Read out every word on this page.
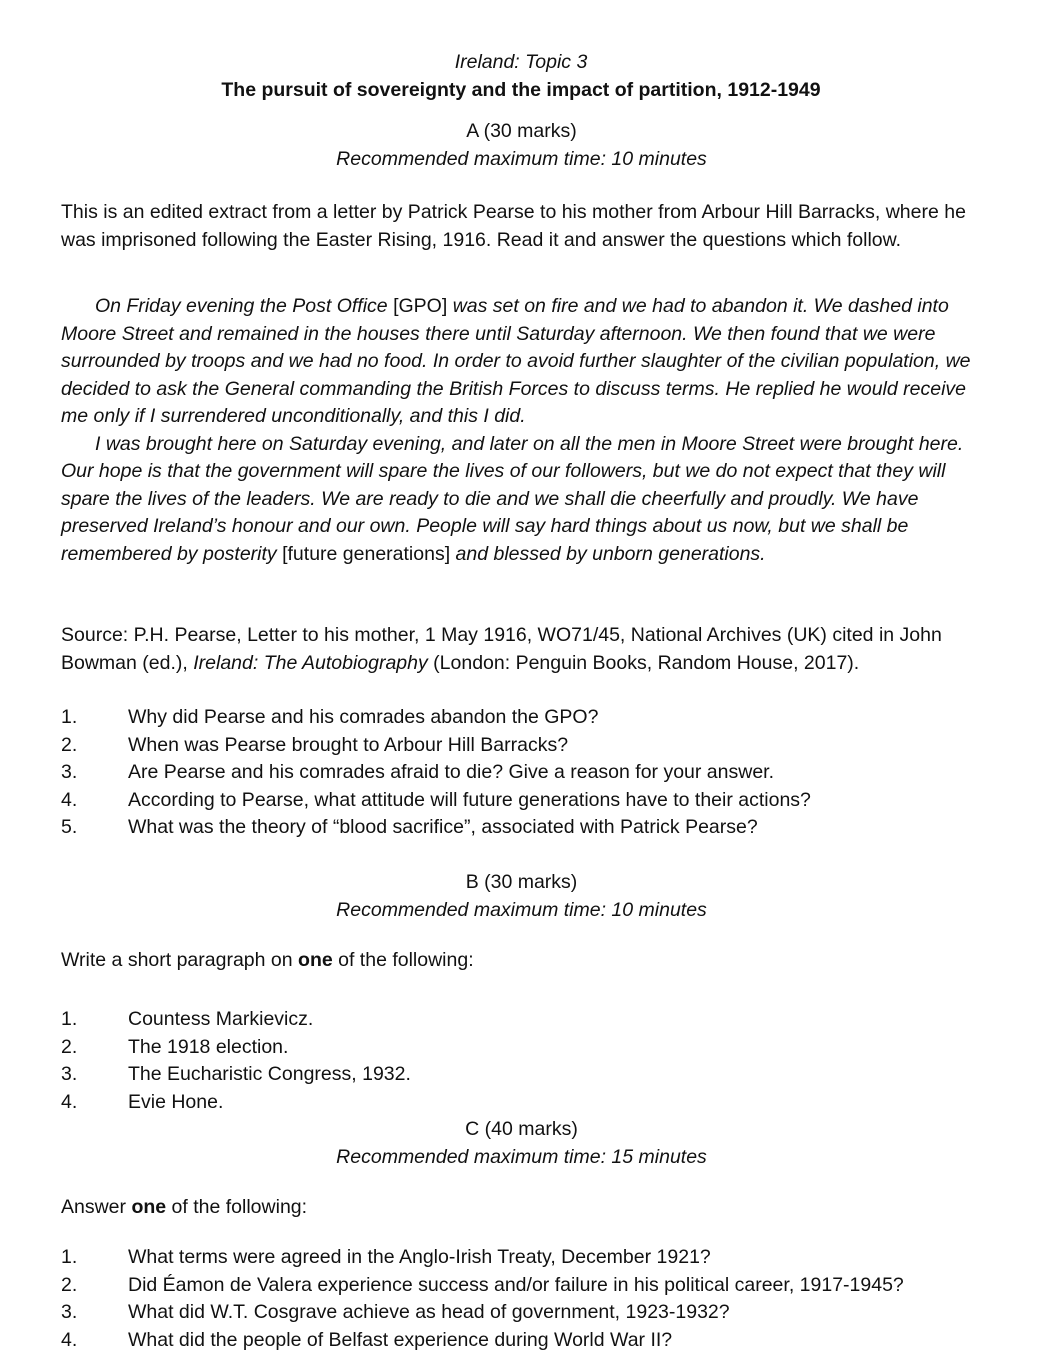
Ireland: Topic 3
The pursuit of sovereignty and the impact of partition, 1912-1949
A (30 marks)
Recommended maximum time: 10 minutes

This is an edited extract from a letter by Patrick Pearse to his mother from Arbour Hill Barracks, where he was imprisoned following the Easter Rising, 1916. Read it and answer the questions which follow.

On Friday evening the Post Office [GPO] was set on fire and we had to abandon it. We dashed into Moore Street and remained in the houses there until Saturday afternoon. We then found that we were surrounded by troops and we had no food. In order to avoid further slaughter of the civilian population, we decided to ask the General commanding the British Forces to discuss terms. He replied he would receive me only if I surrendered unconditionally, and this I did.

I was brought here on Saturday evening, and later on all the men in Moore Street were brought here. Our hope is that the government will spare the lives of our followers, but we do not expect that they will spare the lives of the leaders. We are ready to die and we shall die cheerfully and proudly. We have preserved Ireland’s honour and our own. People will say hard things about us now, but we shall be remembered by posterity [future generations] and blessed by unborn generations.

Source: P.H. Pearse, Letter to his mother, 1 May 1916, WO71/45, National Archives (UK) cited in John Bowman (ed.), Ireland: The Autobiography (London: Penguin Books, Random House, 2017).

1.	Why did Pearse and his comrades abandon the GPO?
2.	When was Pearse brought to Arbour Hill Barracks?
3.	Are Pearse and his comrades afraid to die? Give a reason for your answer.
4.	According to Pearse, what attitude will future generations have to their actions?
5.	What was the theory of “blood sacrifice”, associated with Patrick Pearse?
B (30 marks)
Recommended maximum time: 10 minutes

Write a short paragraph on one of the following:

1.	Countess Markievicz.
2.	The 1918 election.
3.	The Eucharistic Congress, 1932.
4.	Evie Hone.
C (40 marks)
Recommended maximum time: 15 minutes

Answer one of the following:

1.	What terms were agreed in the Anglo-Irish Treaty, December 1921?
2.	Did Éamon de Valera experience success and/or failure in his political career, 1917-1945?
3.	What did W.T. Cosgrave achieve as head of government, 1923-1932?
4.	What did the people of Belfast experience during World War II?
